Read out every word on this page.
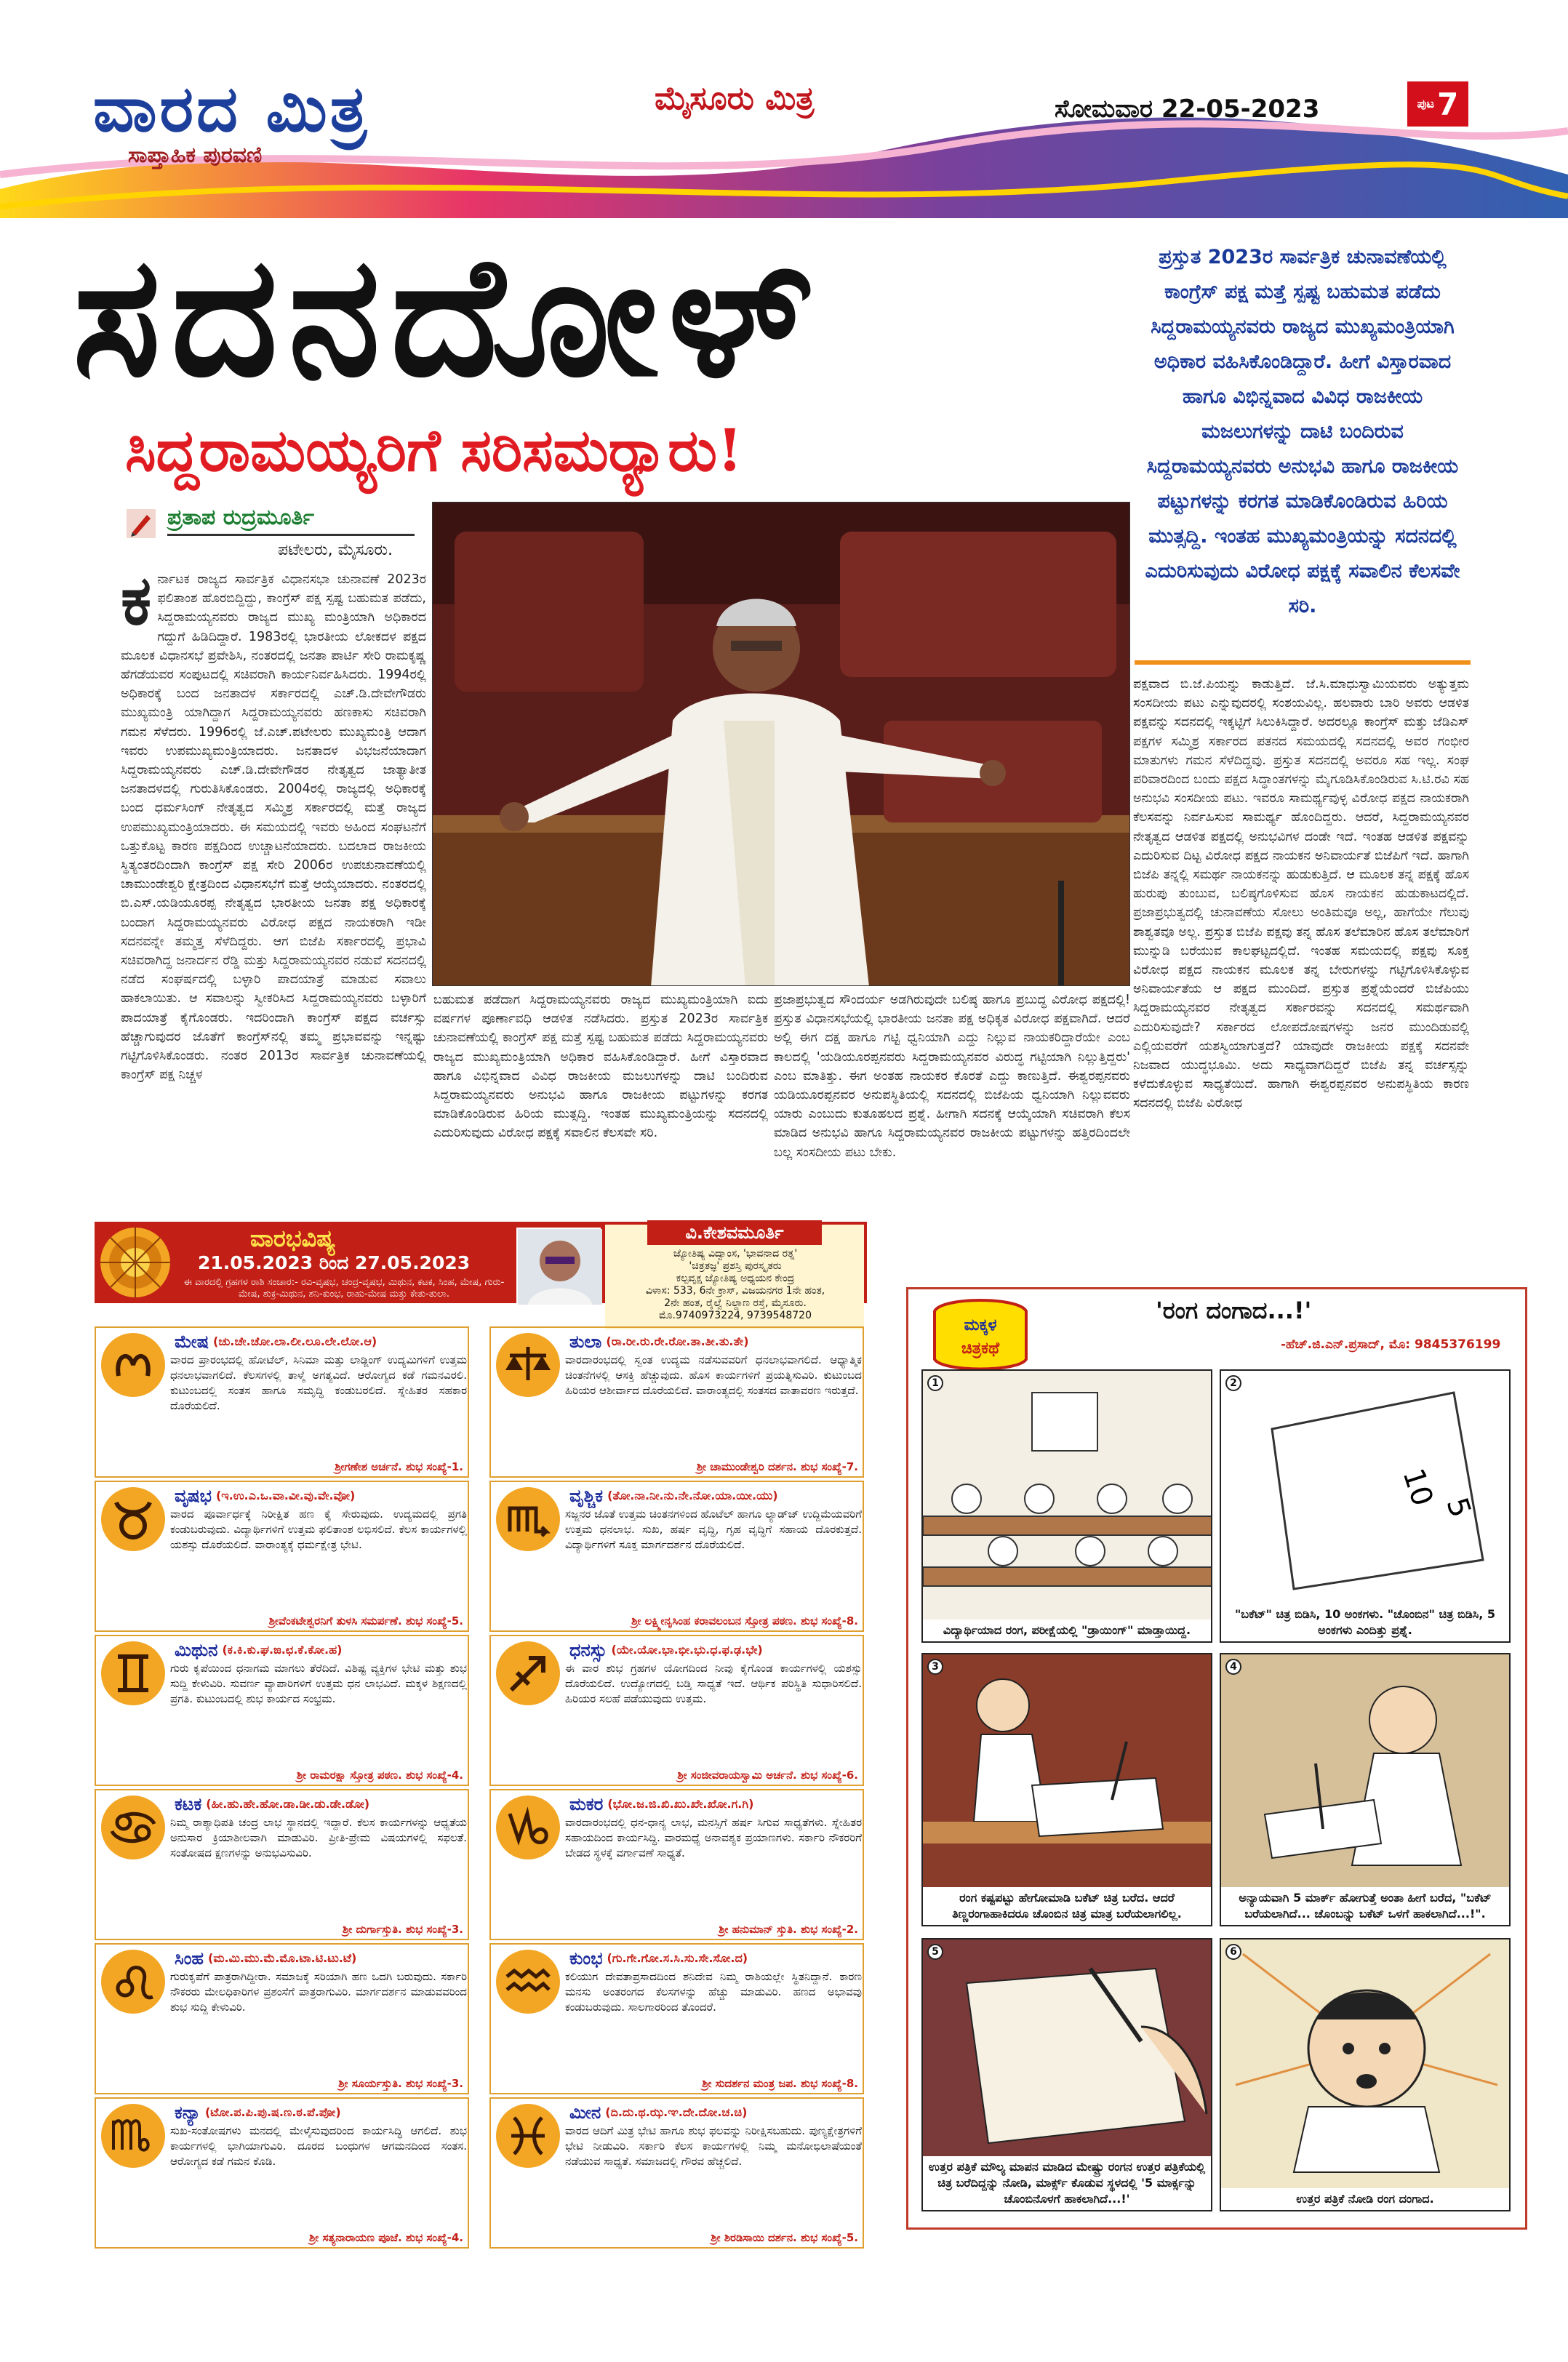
ವಾರದ ಮಿತ್ರ
ಸಾಪ್ತಾಹಿಕ ಪುರವಣಿ
ಮೈಸೂರು ಮಿತ್ರ	ಸೋಮವಾರ 22-05-2023	ಪುಟ 7
ಸದನದೋಳ್
ಸಿದ್ದರಾಮಯ್ಯರಿಗೆ ಸರಿಸಮರ್‍ಯಾರು!

ಪ್ರಸ್ತುತ 2023ರ ಸಾರ್ವತ್ರಿಕ ಚುನಾವಣೆಯಲ್ಲಿ ಕಾಂಗ್ರೆಸ್ ಪಕ್ಷ ಮತ್ತೆ ಸ್ಪಷ್ಟ ಬಹುಮತ ಪಡೆದು ಸಿದ್ದರಾಮಯ್ಯನವರು ರಾಜ್ಯದ ಮುಖ್ಯಮಂತ್ರಿಯಾಗಿ ಅಧಿಕಾರ ವಹಿಸಿಕೊಂಡಿದ್ದಾರೆ. ಹೀಗೆ ವಿಸ್ತಾರವಾದ ಹಾಗೂ ವಿಭಿನ್ನವಾದ ವಿವಿಧ ರಾಜಕೀಯ ಮಜಲುಗಳನ್ನು ದಾಟಿ ಬಂದಿರುವ ಸಿದ್ದರಾಮಯ್ಯನವರು ಅನುಭವಿ ಹಾಗೂ ರಾಜಕೀಯ ಪಟ್ಟುಗಳನ್ನು ಕರಗತ ಮಾಡಿಕೊಂಡಿರುವ ಹಿರಿಯ ಮುತ್ಸದ್ದಿ. ಇಂತಹ ಮುಖ್ಯಮಂತ್ರಿಯನ್ನು ಸದನದಲ್ಲಿ ಎದುರಿಸುವುದು ವಿರೋಧ ಪಕ್ಷಕ್ಕೆ ಸವಾಲಿನ ಕೆಲಸವೇ ಸರಿ.

ಪ್ರತಾಪ ರುದ್ರಮೂರ್ತಿ
ಪಟೇಲರು, ಮೈಸೂರು.
ಕ ರ್ನಾಟಕ ರಾಜ್ಯದ ಸಾರ್ವತ್ರಿಕ ವಿಧಾನಸಭಾ ಚುನಾವಣೆ 2023ರ ಫಲಿತಾಂಶ ಹೊರಬಿದ್ದಿದ್ದು, ಕಾಂಗ್ರೆಸ್ ಪಕ್ಷ ಸ್ಪಷ್ಟ ಬಹುಮತ ಪಡೆದು, ಸಿದ್ದರಾಮಯ್ಯನವರು ರಾಜ್ಯದ ಮುಖ್ಯ ಮಂತ್ರಿಯಾಗಿ ಅಧಿಕಾರದ ಗದ್ದುಗೆ ಹಿಡಿದಿದ್ದಾರೆ. 1983ರಲ್ಲಿ ಭಾರತೀಯ ಲೋಕದಳ ಪಕ್ಷದ ಮೂಲಕ ವಿಧಾನಸಭೆ ಪ್ರವೇಶಿಸಿ, ನಂತರದಲ್ಲಿ ಜನತಾ ಪಾರ್ಟಿ ಸೇರಿ ರಾಮಕೃಷ್ಣ ಹೆಗಡೆಯವರ ಸಂಪುಟದಲ್ಲಿ ಸಚಿವರಾಗಿ ಕಾರ್ಯನಿರ್ವಹಿಸಿದರು. 1994ರಲ್ಲಿ ಅಧಿಕಾರಕ್ಕೆ ಬಂದ ಜನತಾದಳ ಸರ್ಕಾರದಲ್ಲಿ ಎಚ್.ಡಿ.ದೇವೇಗೌಡರು ಮುಖ್ಯಮಂತ್ರಿ ಯಾಗಿದ್ದಾಗ ಸಿದ್ದರಾಮಯ್ಯನವರು ಹಣಕಾಸು ಸಚಿವರಾಗಿ ಗಮನ ಸೆಳೆದರು. 1996ರಲ್ಲಿ ಜೆ.ಎಚ್.ಪಟೇಲರು ಮುಖ್ಯಮಂತ್ರಿ ಆದಾಗ ಇವರು ಉಪಮುಖ್ಯಮಂತ್ರಿಯಾದರು. ಜನತಾದಳ ವಿಭಜನೆಯಾದಾಗ ಸಿದ್ದರಾಮಯ್ಯನವರು ಎಚ್.ಡಿ.ದೇವೇಗೌಡರ ನೇತೃತ್ವದ ಜಾತ್ಯಾತೀತ ಜನತಾದಳದಲ್ಲಿ ಗುರುತಿಸಿಕೊಂಡರು. 2004ರಲ್ಲಿ ರಾಜ್ಯದಲ್ಲಿ ಅಧಿಕಾರಕ್ಕೆ ಬಂದ ಧರ್ಮಸಿಂಗ್ ನೇತೃತ್ವದ ಸಮ್ಮಿಶ್ರ ಸರ್ಕಾರದಲ್ಲಿ ಮತ್ತೆ ರಾಜ್ಯದ ಉಪಮುಖ್ಯಮಂತ್ರಿಯಾದರು. ಈ ಸಮಯದಲ್ಲಿ ಇವರು ಅಹಿಂದ ಸಂಘಟನೆಗೆ ಒತ್ತುಕೊಟ್ಟ ಕಾರಣ ಪಕ್ಷದಿಂದ ಉಚ್ಚಾಟನೆಯಾದರು. ಬದಲಾದ ರಾಜಕೀಯ ಸ್ಥಿತ್ಯಂತರದಿಂದಾಗಿ ಕಾಂಗ್ರೆಸ್ ಪಕ್ಷ ಸೇರಿ 2006ರ ಉಪಚುನಾವಣೆಯಲ್ಲಿ ಚಾಮುಂಡೇಶ್ವರಿ ಕ್ಷೇತ್ರದಿಂದ ವಿಧಾನಸಭೆಗೆ ಮತ್ತೆ ಆಯ್ಕೆಯಾದರು. ನಂತರದಲ್ಲಿ ಬಿ.ಎಸ್.ಯಡಿಯೂರಪ್ಪ ನೇತೃತ್ವದ ಭಾರತೀಯ ಜನತಾ ಪಕ್ಷ ಅಧಿಕಾರಕ್ಕೆ ಬಂದಾಗ ಸಿದ್ದರಾಮಯ್ಯನವರು ವಿರೋಧ ಪಕ್ಷದ ನಾಯಕರಾಗಿ ಇಡೀ ಸದನವನ್ನೇ ತಮ್ಮತ್ತ ಸೆಳೆದಿದ್ದರು. ಆಗ ಬಿಜೆಪಿ ಸರ್ಕಾರದಲ್ಲಿ ಪ್ರಭಾವಿ ಸಚಿವರಾಗಿದ್ದ ಜನಾರ್ದನ ರೆಡ್ಡಿ ಮತ್ತು ಸಿದ್ದರಾಮಯ್ಯನವರ ನಡುವೆ ಸದನದಲ್ಲಿ ನಡೆದ ಸಂಘರ್ಷದಲ್ಲಿ ಬಳ್ಳಾರಿ ಪಾದಯಾತ್ರೆ ಮಾಡುವ ಸವಾಲು ಹಾಕಲಾಯಿತು. ಆ ಸವಾಲನ್ನು ಸ್ವೀಕರಿಸಿದ ಸಿದ್ದರಾಮಯ್ಯನವರು ಬಳ್ಳಾರಿಗೆ ಪಾದಯಾತ್ರೆ ಕೈಗೊಂಡರು. ಇದರಿಂದಾಗಿ ಕಾಂಗ್ರೆಸ್ ಪಕ್ಷದ ವರ್ಚಸ್ಸು ಹೆಚ್ಚಾಗುವುದರ ಜೊತೆಗೆ ಕಾಂಗ್ರೆಸ್‌ನಲ್ಲಿ ತಮ್ಮ ಪ್ರಭಾವವನ್ನು ಇನ್ನಷ್ಟು ಗಟ್ಟಿಗೊಳಿಸಿಕೊಂಡರು. ನಂತರ 2013ರ ಸಾರ್ವತ್ರಿಕ ಚುನಾವಣೆಯಲ್ಲಿ ಕಾಂಗ್ರೆಸ್ ಪಕ್ಷ ನಿಚ್ಚಳ
ಬಹುಮತ ಪಡೆದಾಗ ಸಿದ್ದರಾಮಯ್ಯನವರು ರಾಜ್ಯದ ಮುಖ್ಯಮಂತ್ರಿಯಾಗಿ ಐದು ವರ್ಷಗಳ ಪೂರ್ಣಾವಧಿ ಆಡಳಿತ ನಡೆಸಿದರು. ಪ್ರಸ್ತುತ 2023ರ ಸಾರ್ವತ್ರಿಕ ಚುನಾವಣೆಯಲ್ಲಿ ಕಾಂಗ್ರೆಸ್ ಪಕ್ಷ ಮತ್ತೆ ಸ್ಪಷ್ಟ ಬಹುಮತ ಪಡೆದು ಸಿದ್ದರಾಮಯ್ಯನವರು ರಾಜ್ಯದ ಮುಖ್ಯಮಂತ್ರಿಯಾಗಿ ಅಧಿಕಾರ ವಹಿಸಿಕೊಂಡಿದ್ದಾರೆ. ಹೀಗೆ ವಿಸ್ತಾರವಾದ ಹಾಗೂ ವಿಭಿನ್ನವಾದ ವಿವಿಧ ರಾಜಕೀಯ ಮಜಲುಗಳನ್ನು ದಾಟಿ ಬಂದಿರುವ ಸಿದ್ದರಾಮಯ್ಯನವರು ಅನುಭವಿ ಹಾಗೂ ರಾಜಕೀಯ ಪಟ್ಟುಗಳನ್ನು ಕರಗತ ಮಾಡಿಕೊಂಡಿರುವ ಹಿರಿಯ ಮುತ್ಸದ್ದಿ. ಇಂತಹ ಮುಖ್ಯಮಂತ್ರಿಯನ್ನು ಸದನದಲ್ಲಿ ಎದುರಿಸುವುದು ವಿರೋಧ ಪಕ್ಷಕ್ಕೆ ಸವಾಲಿನ ಕೆಲಸವೇ ಸರಿ.
ಪ್ರಜಾಪ್ರಭುತ್ವದ ಸೌಂದರ್ಯ ಅಡಗಿರುವುದೇ ಬಲಿಷ್ಠ ಹಾಗೂ ಪ್ರಬುದ್ಧ ವಿರೋಧ ಪಕ್ಷದಲ್ಲಿ! ಪ್ರಸ್ತುತ ವಿಧಾನಸಭೆಯಲ್ಲಿ ಭಾರತೀಯ ಜನತಾ ಪಕ್ಷ ಅಧಿಕೃತ ವಿರೋಧ ಪಕ್ಷವಾಗಿದೆ. ಆದರೆ ಅಲ್ಲಿ ಈಗ ದಕ್ಷ ಹಾಗೂ ಗಟ್ಟಿ ಧ್ವನಿಯಾಗಿ ಎದ್ದು ನಿಲ್ಲುವ ನಾಯಕರಿದ್ದಾರೆಯೇ ಎಂಬ ಕಾಲದಲ್ಲಿ 'ಯಡಿಯೂರಪ್ಪನವರು ಸಿದ್ದರಾಮಯ್ಯನವರ ವಿರುದ್ಧ ಗಟ್ಟಿಯಾಗಿ ನಿಲ್ಲುತ್ತಿದ್ದರು' ಎಂಬ ಮಾತಿತ್ತು. ಈಗ ಅಂತಹ ನಾಯಕರ ಕೊರತೆ ಎದ್ದು ಕಾಣುತ್ತಿದೆ. ಈಶ್ವರಪ್ಪನವರು ಯಡಿಯೂರಪ್ಪನವರ ಅನುಪಸ್ಥಿತಿಯಲ್ಲಿ ಸದನದಲ್ಲಿ ಬಿಜೆಪಿಯ ಧ್ವನಿಯಾಗಿ ನಿಲ್ಲುವವರು ಯಾರು ಎಂಬುದು ಕುತೂಹಲದ ಪ್ರಶ್ನೆ. ಹೀಗಾಗಿ ಸದನಕ್ಕೆ ಆಯ್ಕೆಯಾಗಿ ಸಚಿವರಾಗಿ ಕೆಲಸ ಮಾಡಿದ ಅನುಭವಿ ಹಾಗೂ ಸಿದ್ದರಾಮಯ್ಯನವರ ರಾಜಕೀಯ ಪಟ್ಟುಗಳನ್ನು ಹತ್ತಿರದಿಂದಲೇ ಬಲ್ಲ ಸಂಸದೀಯ ಪಟು ಬೇಕು.
ಪಕ್ಷವಾದ ಬಿ.ಜೆ.ಪಿಯನ್ನು ಕಾಡುತ್ತಿದೆ. ಜೆ.ಸಿ.ಮಾಧುಸ್ವಾಮಿಯವರು ಅತ್ಯುತ್ತಮ ಸಂಸದೀಯ ಪಟು ಎನ್ನುವುದರಲ್ಲಿ ಸಂಶಯವಿಲ್ಲ. ಹಲವಾರು ಬಾರಿ ಅವರು ಆಡಳಿತ ಪಕ್ಷವನ್ನು ಸದನದಲ್ಲಿ ಇಕ್ಕಟ್ಟಿಗೆ ಸಿಲುಕಿಸಿದ್ದಾರೆ. ಅದರಲ್ಲೂ ಕಾಂಗ್ರೆಸ್ ಮತ್ತು ಜೆಡಿಎಸ್ ಪಕ್ಷಗಳ ಸಮ್ಮಿಶ್ರ ಸರ್ಕಾರದ ಪತನದ ಸಮಯದಲ್ಲಿ ಸದನದಲ್ಲಿ ಅವರ ಗಂಭೀರ ಮಾತುಗಳು ಗಮನ ಸೆಳೆದಿದ್ದವು. ಪ್ರಸ್ತುತ ಸದನದಲ್ಲಿ ಅವರೂ ಸಹ ಇಲ್ಲ. ಸಂಘ ಪರಿವಾರದಿಂದ ಬಂದು ಪಕ್ಷದ ಸಿದ್ಧಾಂತಗಳನ್ನು ಮೈಗೂಡಿಸಿಕೊಂಡಿರುವ ಸಿ.ಟಿ.ರವಿ ಸಹ ಅನುಭವಿ ಸಂಸದೀಯ ಪಟು. ಇವರೂ ಸಾಮರ್ಥ್ಯವುಳ್ಳ ವಿರೋಧ ಪಕ್ಷದ ನಾಯಕರಾಗಿ ಕೆಲಸವನ್ನು ನಿರ್ವಹಿಸುವ ಸಾಮರ್ಥ್ಯ ಹೊಂದಿದ್ದರು. ಆದರೆ, ಸಿದ್ದರಾಮಯ್ಯನವರ ನೇತೃತ್ವದ ಆಡಳಿತ ಪಕ್ಷದಲ್ಲಿ ಅನುಭವಿಗಳ ದಂಡೇ ಇದೆ. ಇಂತಹ ಆಡಳಿತ ಪಕ್ಷವನ್ನು ಎದುರಿಸುವ ದಿಟ್ಟ ವಿರೋಧ ಪಕ್ಷದ ನಾಯಕನ ಅನಿವಾರ್ಯತೆ ಬಿಜೆಪಿಗೆ ಇದೆ. ಹಾಗಾಗಿ ಬಿಜೆಪಿ ತನ್ನಲ್ಲಿ ಸಮರ್ಥ ನಾಯಕನನ್ನು ಹುಡುಕುತ್ತಿದೆ. ಆ ಮೂಲಕ ತನ್ನ ಪಕ್ಷಕ್ಕೆ ಹೊಸ ಹುರುಪು ತುಂಬುವ, ಬಲಿಷ್ಠಗೊಳಿಸುವ ಹೊಸ ನಾಯಕನ ಹುಡುಕಾಟದಲ್ಲಿದೆ. ಪ್ರಜಾಪ್ರಭುತ್ವದಲ್ಲಿ ಚುನಾವಣೆಯ ಸೋಲು ಅಂತಿಮವೂ ಅಲ್ಲ, ಹಾಗೆಯೇ ಗೆಲುವು ಶಾಶ್ವತವೂ ಅಲ್ಲ. ಪ್ರಸ್ತುತ ಬಿಜೆಪಿ ಪಕ್ಷವು ತನ್ನ ಹೊಸ ತಲೆಮಾರಿನ ಹೊಸ ತಲೆಮಾರಿಗೆ ಮುನ್ನುಡಿ ಬರೆಯುವ ಕಾಲಘಟ್ಟದಲ್ಲಿದೆ. ಇಂತಹ ಸಮಯದಲ್ಲಿ ಪಕ್ಷವು ಸೂಕ್ತ ವಿರೋಧ ಪಕ್ಷದ ನಾಯಕನ ಮೂಲಕ ತನ್ನ ಬೇರುಗಳನ್ನು ಗಟ್ಟಿಗೊಳಿಸಿಕೊಳ್ಳುವ ಅನಿವಾರ್ಯತೆಯ ಆ ಪಕ್ಷದ ಮುಂದಿದೆ. ಪ್ರಸ್ತುತ ಪ್ರಶ್ನೆಯೆಂದರೆ ಬಿಜೆಪಿಯು ಸಿದ್ದರಾಮಯ್ಯನವರ ನೇತೃತ್ವದ ಸರ್ಕಾರವನ್ನು ಸದನದಲ್ಲಿ ಸಮರ್ಥವಾಗಿ ಎದುರಿಸುವುದೇ? ಸರ್ಕಾರದ ಲೋಪದೋಷಗಳನ್ನು ಜನರ ಮುಂದಿಡುವಲ್ಲಿ ಎಲ್ಲಿಯವರೆಗೆ ಯಶಸ್ವಿಯಾಗುತ್ತದೆ? ಯಾವುದೇ ರಾಜಕೀಯ ಪಕ್ಷಕ್ಕೆ ಸದನವೇ ನಿಜವಾದ ಯುದ್ಧಭೂಮಿ. ಅದು ಸಾಧ್ಯವಾಗದಿದ್ದರೆ ಬಿಜೆಪಿ ತನ್ನ ವರ್ಚಸ್ಸನ್ನು ಕಳೆದುಕೊಳ್ಳುವ ಸಾಧ್ಯತೆಯಿದೆ. ಹಾಗಾಗಿ ಈಶ್ವರಪ್ಪನವರ ಅನುಪಸ್ಥಿತಿಯ ಕಾರಣ ಸದನದಲ್ಲಿ ಬಿಜೆಪಿ ವಿರೋಧ
ವಾರಭವಿಷ್ಯ
21.05.2023 ರಿಂದ 27.05.2023
ಈ ವಾರದಲ್ಲಿ ಗ್ರಹಗಳ ರಾಶಿ ಸಂಚಾರ:- ರವಿ-ವೃಷಭ, ಚಂದ್ರ-ವೃಷಭ, ಮಿಥುನ, ಕಟಕ, ಸಿಂಹ, ಮೇಷ, ಗುರು-ಮೇಷ, ಶುಕ್ರ-ಮಿಥುನ, ಶನಿ-ಕುಂಭ, ರಾಹು-ಮೇಷ ಮತ್ತು ಕೇತು-ತುಲಾ.
ವಿ.ಕೇಶವಮೂರ್ತಿ
ಜ್ಯೋತಿಷ್ಯ ವಿದ್ವಾಂಸ, 'ಭಾವನಾದ ರತ್ನ'
'ಚಿತ್ರತಜ್ಞ' ಪ್ರಶಸ್ತಿ ಪುರಸ್ಕೃತರು
ಕಲ್ಪವೃಕ್ಷ ಜ್ಯೋತಿಷ್ಯ ಅಧ್ಯಯನ ಕೇಂದ್ರ
ವಿಳಾಸ: 533, 6ನೇ ಕ್ರಾಸ್, ವಿಜಯನಗರ 1ನೇ ಹಂತ,
2ನೇ ಹಂತ, ರೈಲ್ವೆ ನಿಲ್ದಾಣ ರಸ್ತೆ, ಮೈಸೂರು.
ಮೊ.9740973224, 9739548720
ಮೇಷ (ಚು.ಚೇ.ಚೋ.ಲಾ.ಲೀ.ಲೂ.ಲೇ.ಲೋ.ಆ)
ವಾರದ ಪ್ರಾರಂಭದಲ್ಲಿ ಹೋಟೆಲ್, ಸಿನಿಮಾ ಮತ್ತು ಲಾಡ್ಜಿಂಗ್ ಉದ್ಯಮಿಗಳಿಗೆ ಉತ್ತಮ ಧನಲಾಭವಾಗಲಿದೆ. ಕೆಲಸಗಳಲ್ಲಿ ತಾಳ್ಮೆ ಅಗತ್ಯವಿದೆ. ಆರೋಗ್ಯದ ಕಡೆ ಗಮನವಿರಲಿ. ಕುಟುಂಬದಲ್ಲಿ ಸಂತಸ ಹಾಗೂ ಸಮೃದ್ಧಿ ಕಂಡುಬರಲಿದೆ. ಸ್ನೇಹಿತರ ಸಹಕಾರ ದೊರೆಯಲಿದೆ.
ಶ್ರೀಗಣೇಶ ಅರ್ಚನೆ. ಶುಭ ಸಂಖ್ಯೆ-1.
ತುಲಾ (ರಾ.ರೀ.ರು.ರೇ.ರೋ.ತಾ.ತೀ.ತು.ತೇ)
ವಾರದಾರಂಭದಲ್ಲಿ ಸ್ವಂತ ಉದ್ಯಮ ನಡೆಸುವವರಿಗೆ ಧನಲಾಭವಾಗಲಿದೆ. ಆಧ್ಯಾತ್ಮಿಕ ಚಿಂತನೆಗಳಲ್ಲಿ ಆಸಕ್ತಿ ಹೆಚ್ಚುವುದು. ಹೊಸ ಕಾರ್ಯಗಳಿಗೆ ಪ್ರಯತ್ನಿಸುವಿರಿ. ಕುಟುಂಬದ ಹಿರಿಯರ ಆಶೀರ್ವಾದ ದೊರೆಯಲಿದೆ. ವಾರಾಂತ್ಯದಲ್ಲಿ ಸಂತಸದ ವಾತಾವರಣ ಇರುತ್ತದೆ.
ಶ್ರೀ ಚಾಮುಂಡೇಶ್ವರಿ ದರ್ಶನ. ಶುಭ ಸಂಖ್ಯೆ-7.
ವೃಷಭ (ಇ.ಉ.ಎ.ಒ.ವಾ.ವೀ.ವು.ವೇ.ವೋ)
ವಾರದ ಪೂರ್ವಾರ್ಧಕ್ಕೆ ನಿರೀಕ್ಷಿತ ಹಣ ಕೈ ಸೇರುವುದು. ಉದ್ಯಮದಲ್ಲಿ ಪ್ರಗತಿ ಕಂಡುಬರುವುದು. ವಿದ್ಯಾರ್ಥಿಗಳಿಗೆ ಉತ್ತಮ ಫಲಿತಾಂಶ ಲಭಿಸಲಿದೆ. ಕೆಲಸ ಕಾರ್ಯಗಳಲ್ಲಿ ಯಶಸ್ಸು ದೊರೆಯಲಿದೆ. ವಾರಾಂತ್ಯಕ್ಕೆ ಧರ್ಮಕ್ಷೇತ್ರ ಭೇಟಿ.
ಶ್ರೀವೆಂಕಟೇಶ್ವರನಿಗೆ ತುಳಸಿ ಸಮರ್ಪಣೆ. ಶುಭ ಸಂಖ್ಯೆ-5.
ವೃಶ್ಚಿಕ (ತೋ.ನಾ.ನೀ.ನು.ನೇ.ನೋ.ಯಾ.ಯೀ.ಯು)
ಸಜ್ಜನರ ಜೊತೆ ಉತ್ತಮ ಚಿಂತನಗಳಿಂದ ಹೊಟೆಲ್ ಹಾಗೂ ಲ್ಯಾಡ್‌ಜ್ ಉದ್ದಿಮೆಯವರಿಗೆ ಉತ್ತಮ ಧನಲಾಭ. ಸುಖ, ಹರ್ಷ ವೃದ್ಧಿ, ಗೃಹ ವೃದ್ಧಿಗೆ ಸಹಾಯ ದೊರಕುತ್ತದೆ. ವಿದ್ಯಾರ್ಥಿಗಳಿಗೆ ಸೂಕ್ತ ಮಾರ್ಗದರ್ಶನ ದೊರೆಯಲಿದೆ.
ಶ್ರೀ ಲಕ್ಷ್ಮೀನೃಸಿಂಹ ಕರಾವಲಂಬನ ಸ್ತೋತ್ರ ಪಠಣ. ಶುಭ ಸಂಖ್ಯೆ-8.
ಮಿಥುನ (ಕ.ಕಿ.ಕು.ಘ.ಙ.ಛ.ಕೆ.ಕೋ.ಹ)
ಗುರು ಕೃಪೆಯಿಂದ ಧನಾಗಮ ಮಾಗಲು ತೆರೆದಿದೆ. ವಿಶಿಷ್ಟ ವ್ಯಕ್ತಿಗಳ ಭೇಟಿ ಮತ್ತು ಶುಭ ಸುದ್ದಿ ಕೇಳುವಿರಿ. ಸುವರ್ಣ ವ್ಯಾಪಾರಿಗಳಿಗೆ ಉತ್ತಮ ಧನ ಲಾಭವಿದೆ. ಮಕ್ಕಳ ಶಿಕ್ಷಣದಲ್ಲಿ ಪ್ರಗತಿ. ಕುಟುಂಬದಲ್ಲಿ ಶುಭ ಕಾರ್ಯದ ಸಂಭ್ರಮ.
ಶ್ರೀ ರಾಮರಕ್ಷಾ ಸ್ತೋತ್ರ ಪಠಣ. ಶುಭ ಸಂಖ್ಯೆ-4.
ಧನಸ್ಸು (ಯೇ.ಯೋ.ಭಾ.ಭೀ.ಭು.ಧ.ಫ.ಢ.ಭೇ)
ಈ ವಾರ ಶುಭ ಗ್ರಹಗಳ ಯೋಗದಿಂದ ನೀವು ಕೈಗೊಂಡ ಕಾರ್ಯಗಳಲ್ಲಿ ಯಶಸ್ಸು ದೊರೆಯಲಿದೆ. ಉದ್ಯೋಗದಲ್ಲಿ ಬಡ್ತಿ ಸಾಧ್ಯತೆ ಇದೆ. ಆರ್ಥಿಕ ಪರಿಸ್ಥಿತಿ ಸುಧಾರಿಸಲಿದೆ. ಹಿರಿಯರ ಸಲಹೆ ಪಡೆಯುವುದು ಉತ್ತಮ.
ಶ್ರೀ ಸಂಜೀವರಾಯಸ್ವಾಮಿ ಅರ್ಚನೆ. ಶುಭ ಸಂಖ್ಯೆ-6.
ಕಟಕ (ಹೀ.ಹು.ಹೇ.ಹೋ.ಡಾ.ಡೀ.ಡು.ಡೇ.ಡೋ)
ನಿಮ್ಮ ರಾಶ್ಯಾಧಿಪತಿ ಚಂದ್ರ ಲಾಭ ಸ್ಥಾನದಲ್ಲಿ ಇದ್ದಾರೆ. ಕೆಲಸ ಕಾರ್ಯಗಳನ್ನು ಆಧ್ಯತೆಯ ಅನುಸಾರ ಕ್ರಿಯಾಶೀಲವಾಗಿ ಮಾಡುವಿರಿ. ಪ್ರೀತಿ-ಪ್ರೇಮ ವಿಷಯಗಳಲ್ಲಿ ಸಫಲತೆ. ಸಂತೋಷದ ಕ್ಷಣಗಳನ್ನು ಅನುಭವಿಸುವಿರಿ.
ಶ್ರೀ ದುರ್ಗಾಸ್ತುತಿ. ಶುಭ ಸಂಖ್ಯೆ-3.
ಮಕರ (ಭೋ.ಜ.ಜಿ.ಖಿ.ಖು.ಖೇ.ಖೋ.ಗ.ಗಿ)
ವಾರದಾರಂಭದಲ್ಲಿ ಧನ-ಧಾನ್ಯ ಲಾಭ, ಮನಸ್ಸಿಗೆ ಹರ್ಷ ಸಿಗುವ ಸಾಧ್ಯತೆಗಳು. ಸ್ನೇಹಿತರ ಸಹಾಯದಿಂದ ಕಾರ್ಯಸಿದ್ಧಿ. ವಾರಮಧ್ಯೆ ಅನಾವಶ್ಯಕ ಪ್ರಯಾಣಗಳು. ಸರ್ಕಾರಿ ನೌಕರರಿಗೆ ಬೇಡದ ಸ್ಥಳಕ್ಕೆ ವರ್ಗಾವಣೆ ಸಾಧ್ಯತೆ.
ಶ್ರೀ ಹನುಮಾನ್ ಸ್ತುತಿ. ಶುಭ ಸಂಖ್ಯೆ-2.
ಸಿಂಹ (ಮ.ಮಿ.ಮು.ಮೆ.ಮೊ.ಟಾ.ಟಿ.ಟು.ಟೆ)
ಗುರುಕೃಪೆಗೆ ಪಾತ್ರರಾಗಿದ್ದೀರಾ. ಸಮಾಜಕ್ಕೆ ಸರಿಯಾಗಿ ಹಣ ಒದಗಿ ಬರುವುದು. ಸರ್ಕಾರಿ ನೌಕರರು ಮೇಲಧಿಕಾರಿಗಳ ಪ್ರಶಂಸೆಗೆ ಪಾತ್ರರಾಗುವಿರಿ. ಮಾರ್ಗದರ್ಶನ ಮಾಡುವವರಿಂದ ಶುಭ ಸುದ್ದಿ ಕೇಳುವಿರಿ.
ಶ್ರೀ ಸೂರ್ಯಸ್ತುತಿ. ಶುಭ ಸಂಖ್ಯೆ-3.
ಕುಂಭ (ಗು.ಗೇ.ಗೋ.ಸ.ಸಿ.ಸು.ಸೇ.ಸೋ.ದ)
ಕಲಿಯುಗ ದೇವತಾಪ್ರಸಾದದಿಂದ ಶನಿದೇವ ನಿಮ್ಮ ರಾಶಿಯಲ್ಲೇ ಸ್ಥಿತನಿದ್ದಾನೆ. ಕಾರಣ ಮನಸು ಅಂತರಂಗದ ಕೆಲಸಗಳನ್ನು ಹೆಚ್ಚು ಮಾಡುವಿರಿ. ಹಣದ ಅಭಾವವು ಕಂಡುಬರುವುದು. ಸಾಲಗಾರರಿಂದ ತೊಂದರೆ.
ಶ್ರೀ ಸುದರ್ಶನ ಮಂತ್ರ ಜಪ. ಶುಭ ಸಂಖ್ಯೆ-8.
ಕನ್ಯಾ (ಟೋ.ಪ.ಪಿ.ಪು.ಷ.ಣ.ಠ.ಪೆ.ಪೋ)
ಸುಖ-ಸಂತೋಷಗಳು ಮನದಲ್ಲಿ ಮೇಳೈಸುವುದರಿಂದ ಕಾರ್ಯಸಿದ್ಧಿ ಆಗಲಿದೆ. ಶುಭ ಕಾರ್ಯಗಳಲ್ಲಿ ಭಾಗಿಯಾಗುವಿರಿ. ದೂರದ ಬಂಧುಗಳ ಆಗಮನದಿಂದ ಸಂತಸ. ಆರೋಗ್ಯದ ಕಡೆ ಗಮನ ಕೊಡಿ.
ಶ್ರೀ ಸತ್ಯನಾರಾಯಣ ಪೂಜೆ. ಶುಭ ಸಂಖ್ಯೆ-4.
ಮೀನ (ದಿ.ದು.ಥ.ಝ.ಞ.ದೇ.ದೋ.ಚ.ಚಿ)
ವಾರದ ಆದಿಗೆ ಮಿತ್ರ ಭೇಟಿ ಹಾಗೂ ಶುಭ ಫಲವನ್ನು ನಿರೀಕ್ಷಿಸಬಹುದು. ಪುಣ್ಯಕ್ಷೇತ್ರಗಳಿಗೆ ಭೇಟಿ ನೀಡುವಿರಿ. ಸರ್ಕಾರಿ ಕೆಲಸ ಕಾರ್ಯಗಳಲ್ಲಿ ನಿಮ್ಮ ಮನೋಭಿಲಾಷೆಯಂತೆ ನಡೆಯುವ ಸಾಧ್ಯತೆ. ಸಮಾಜದಲ್ಲಿ ಗೌರವ ಹೆಚ್ಚಲಿದೆ.
ಶ್ರೀ ಶಿರಡಿಸಾಯಿ ದರ್ಶನ. ಶುಭ ಸಂಖ್ಯೆ-5.
ಮಕ್ಕಳ
ಚಿತ್ರಕಥೆ
'ರಂಗ ದಂಗಾದ...!'
-ಹೆಚ್.ಜಿ.ಎನ್.ಪ್ರಸಾದ್, ಮೊ: 9845376199
1
ವಿದ್ಯಾರ್ಥಿಯಾದ ರಂಗ, ಪರೀಕ್ಷೆಯಲ್ಲಿ "ಡ್ರಾಯಿಂಗ್" ಮಾಡ್ತಾಯಿದ್ದ.
10 5
2
"ಬಕೆಟ್" ಚಿತ್ರ ಬಿಡಿಸಿ, 10 ಅಂಕಗಳು. "ಚೊಂಬಿನ" ಚಿತ್ರ ಬಿಡಿಸಿ, 5 ಅಂಕಗಳು ಎಂದಿತ್ತು ಪ್ರಶ್ನೆ.
3
ರಂಗ ಕಷ್ಟಪಟ್ಟು ಹೇಗೋಮಾಡಿ ಬಕೆಟ್ ಚಿತ್ರ ಬರೆದ. ಆದರೆ ತಿಣ್ಣರಂಗಾಹಾಕಿದರೂ ಚೊಂಬಿನ ಚಿತ್ರ ಮಾತ್ರ ಬರೆಯಲಾಗಲಿಲ್ಲ.
4
ಅನ್ಯಾಯವಾಗಿ 5 ಮಾರ್ಕ್ ಹೋಗುತ್ತೆ ಅಂತಾ ಹೀಗೆ ಬರೆದ, "ಬಕೆಟ್ ಬರೆಯಲಾಗಿದೆ... ಚೊಂಬನ್ನು ಬಕೆಟ್ ಒಳಗೆ ಹಾಕಲಾಗಿದೆ...!".
5
ಉತ್ತರ ಪತ್ರಿಕೆ ಮೌಲ್ಯ ಮಾಪನ ಮಾಡಿದ ಮೇಷ್ಟ್ರು ರಂಗನ ಉತ್ತರ ಪತ್ರಿಕೆಯಲ್ಲಿ ಚಿತ್ರ ಬರೆದಿದ್ದನ್ನು ನೋಡಿ, ಮಾರ್ಕ್ಸ್ ಕೊಡುವ ಸ್ಥಳದಲ್ಲಿ '5 ಮಾರ್ಕ್ಸನ್ನು ಚೊಂಬಿನೊಳಗೆ ಹಾಕಲಾಗಿದೆ...!'
6
ಉತ್ತರ ಪತ್ರಿಕೆ ನೋಡಿ ರಂಗ ದಂಗಾದ.
